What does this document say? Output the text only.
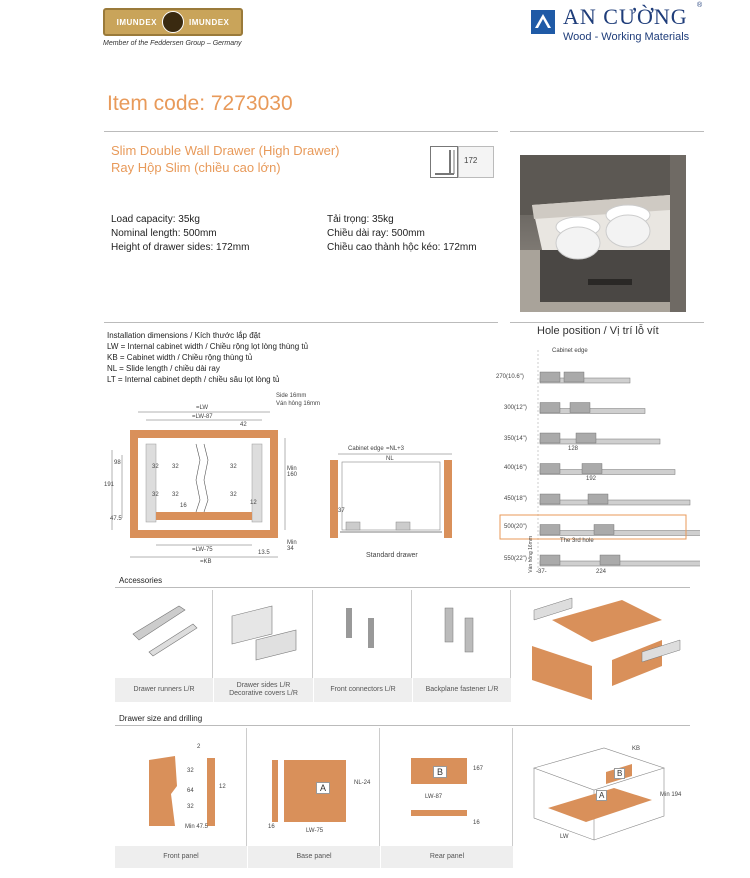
IMUNDEX	IMUNDEX
Member of the Feddersen Group – Germany
AN CƯỜNG ®
Wood - Working Materials
Item code: 7273030
Slim Double Wall Drawer (High Drawer)
Ray Hộp Slim (chiều cao lớn)	172
Load capacity: 35kg
Nominal length: 500mm
Height of drawer sides: 172mm
Tải trọng: 35kg
Chiều dài ray: 500mm
Chiều cao thành hộc kéo: 172mm
Installation dimensions / Kích thước lắp đặt
LW = Internal cabinet width / Chiều rộng lọt lòng thùng tủ
KB = Cabinet width / Chiều rộng thùng tủ
NL = Slide length / chiều dài ray
LT = Internal cabinet depth / chiều sâu lọt lòng tủ
Side 16mm
Ván hông 16mm
=LW
=LW-87
42
32 32
32
32
32
32
98
191
47.5
16
=LW-75
=KB
13.5
Min 160
Min 34
12
Cabinet edge =NL+3
NL
37
Standard drawer
Hole position / Vị trí lỗ vít
Cabinet edge
270(10.6")
300(12")
350(14")
400(16")
450(18")
500(20")
550(22")
128
192
224
-37-
The 3rd hole
Ván hông 16mm
Accessories
Drawer runners L/R
Drawer sides L/R
Decorative covers L/R
Front connectors L/R	Backplane fastener L/R
Drawer size and drilling
2
32
64
32
12
Min 47.5
Front panel
A	NL-24
16
LW-75
Base panel
B	167
LW-87
16
Rear panel
A
B
KB
LW
Min 194
